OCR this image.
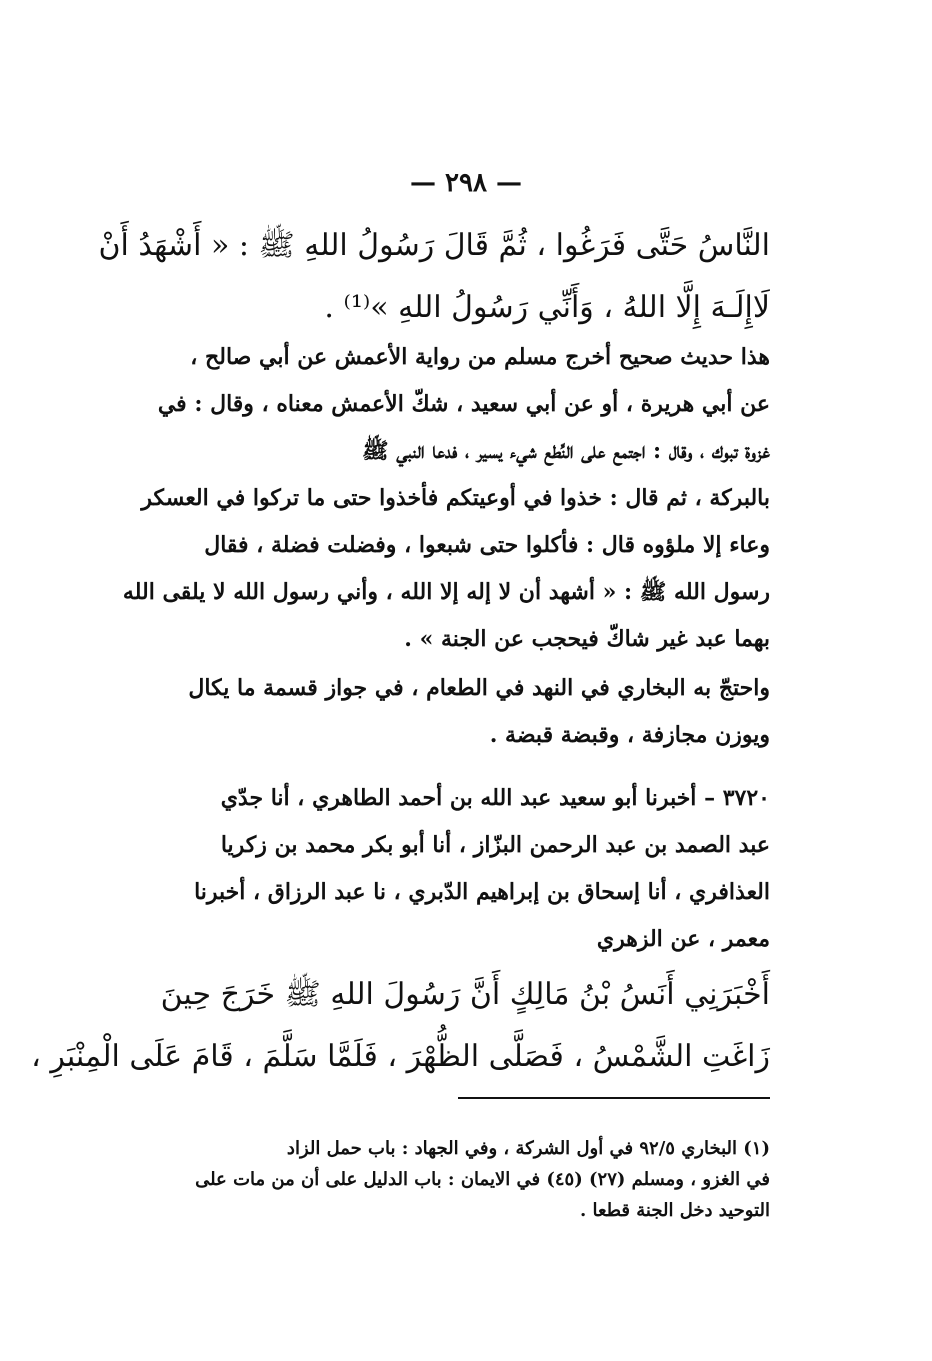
— ٢٩٨ —
النَّاسُ حَتَّى فَرَغُوا ، ثُمَّ قَالَ رَسُولُ اللهِ ﷺ : « أَشْهَدُ أَنْ
لَاإِلَـهَ إِلَّا اللهُ ، وَأَنِّي رَسُولُ اللهِ »⁽¹⁾ .
هذا حديث صحيح أخرج مسلم من رواية الأعمش عن أبي صالح ،
عن أبي هريرة ، أو عن أبي سعيد ، شكّ الأعمش معناه ، وقال : في
غزوة تبوك ، وقال : اجتمع على النِّطع شيء يسير ، فدعا النبي ﷺ
بالبركة ، ثم قال : خذوا في أوعيتكم فأخذوا حتى ما تركوا في العسكر
وعاء إلا ملؤوه قال : فأكلوا حتى شبعوا ، وفضلت فضلة ، فقال
رسول الله ﷺ : « أشهد أن لا إله إلا الله ، وأني رسول الله لا يلقى الله
بهما عبد غير شاكّ فيحجب عن الجنة » .
واحتجّ به البخاري في النهد في الطعام ، في جواز قسمة ما يكال
ويوزن مجازفة ، وقبضة قبضة .
٣٧٢٠ – أخبرنا أبو سعيد عبد الله بن أحمد الطاهري ، أنا جدّي
عبد الصمد بن عبد الرحمن البزّاز ، أنا أبو بكر محمد بن زكريا
العذافري ، أنا إسحاق بن إبراهيم الدّبري ، نا عبد الرزاق ، أخبرنا
معمر ، عن الزهري
أَخْبَرَنِي أَنَسُ بْنُ مَالِكٍ أَنَّ رَسُولَ اللهِ ﷺ خَرَجَ حِينَ
زَاغَتِ الشَّمْسُ ، فَصَلَّى الظُّهْرَ ، فَلَمَّا سَلَّمَ ، قَامَ عَلَى الْمِنْبَرِ ،
(١) البخاري ٩٢/٥ في أول الشركة ، وفي الجهاد : باب حمل الزاد
في الغزو ، ومسلم (٢٧) (٤٥) في الايمان : باب الدليل على أن من مات على
التوحيد دخل الجنة قطعا .
